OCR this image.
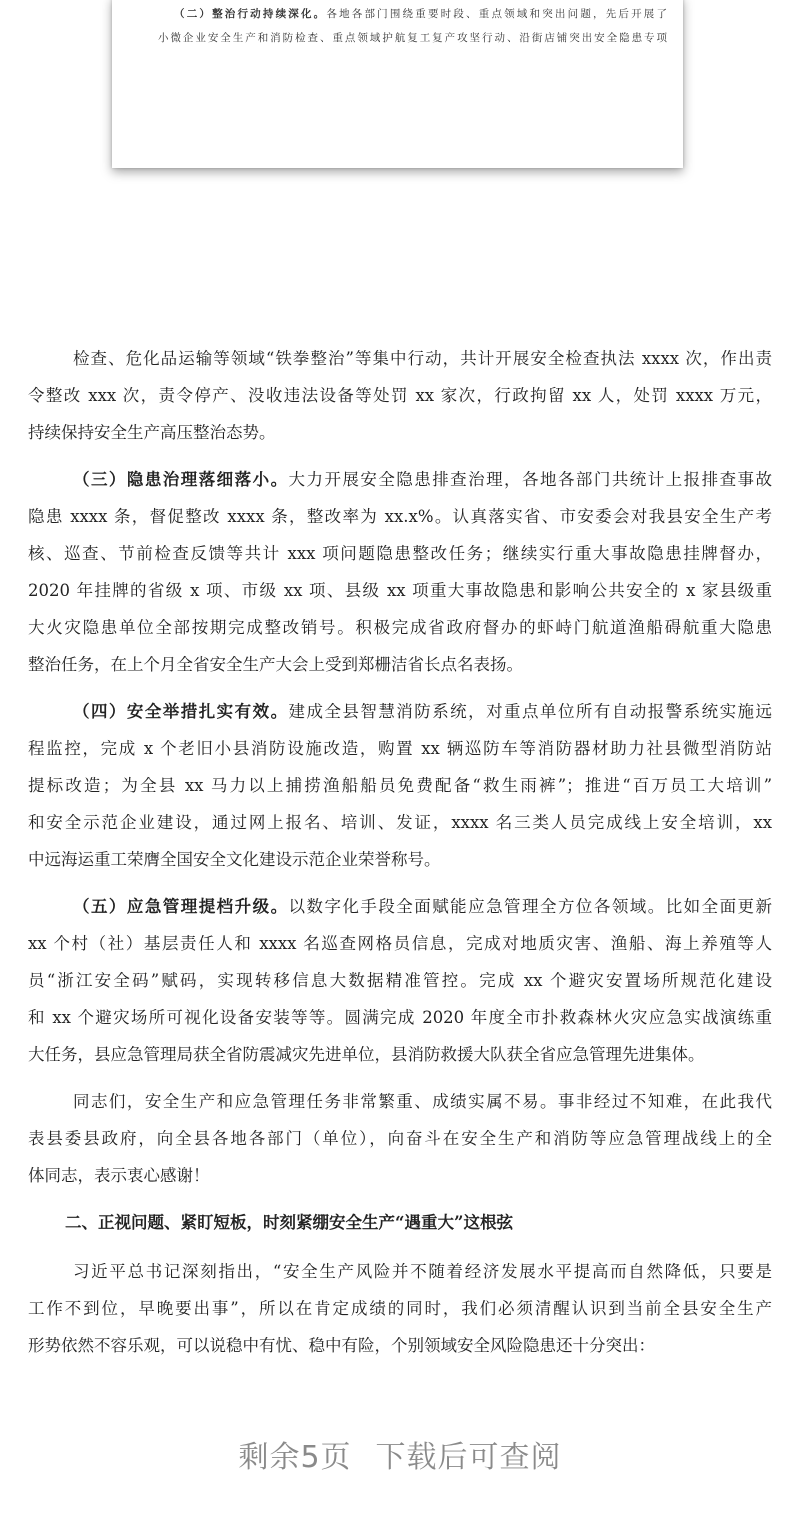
（二）整治行动持续深化。各地各部门围绕重要时段、重点领域和突出问题，先后开展了
小微企业安全生产和消防检查、重点领域护航复工复产攻坚行动、沿街店铺突出安全隐患专项
检查、危化品运输等领域“铁拳整治”等集中行动，共计开展安全检查执法 xxxx 次，作出责
令整改 xxx 次，责令停产、没收违法设备等处罚 xx 家次，行政拘留 xx 人，处罚 xxxx 万元，
持续保持安全生产高压整治态势。
（三）隐患治理落细落小。大力开展安全隐患排查治理，各地各部门共统计上报排查事故
隐患 xxxx 条，督促整改 xxxx 条，整改率为 xx.x%。认真落实省、市安委会对我县安全生产考
核、巡查、节前检查反馈等共计 xxx 项问题隐患整改任务；继续实行重大事故隐患挂牌督办，
2020 年挂牌的省级 x 项、市级 xx 项、县级 xx 项重大事故隐患和影响公共安全的 x 家县级重
大火灾隐患单位全部按期完成整改销号。积极完成省政府督办的虾峙门航道渔船碍航重大隐患
整治任务，在上个月全省安全生产大会上受到郑栅洁省长点名表扬。
（四）安全举措扎实有效。建成全县智慧消防系统，对重点单位所有自动报警系统实施远
程监控，完成 x 个老旧小县消防设施改造，购置 xx 辆巡防车等消防器材助力社县微型消防站
提标改造；为全县 xx 马力以上捕捞渔船船员免费配备“救生雨裤”；推进“百万员工大培训”
和安全示范企业建设，通过网上报名、培训、发证，xxxx 名三类人员完成线上安全培训，xx
中远海运重工荣膺全国安全文化建设示范企业荣誉称号。
（五）应急管理提档升级。以数字化手段全面赋能应急管理全方位各领域。比如全面更新
xx 个村（社）基层责任人和 xxxx 名巡查网格员信息，完成对地质灾害、渔船、海上养殖等人
员“浙江安全码”赋码，实现转移信息大数据精准管控。完成 xx 个避灾安置场所规范化建设
和 xx 个避灾场所可视化设备安装等等。圆满完成 2020 年度全市扑救森林火灾应急实战演练重
大任务，县应急管理局获全省防震减灾先进单位，县消防救援大队获全省应急管理先进集体。
同志们，安全生产和应急管理任务非常繁重、成绩实属不易。事非经过不知难，在此我代
表县委县政府，向全县各地各部门（单位），向奋斗在安全生产和消防等应急管理战线上的全
体同志，表示衷心感谢！
二、正视问题、紧盯短板，时刻紧绷安全生产“遇重大”这根弦
习近平总书记深刻指出，“安全生产风险并不随着经济发展水平提高而自然降低，只要是
工作不到位，早晚要出事”，所以在肯定成绩的同时，我们必须清醒认识到当前全县安全生产
形势依然不容乐观，可以说稳中有忧、稳中有险，个别领域安全风险隐患还十分突出：
剩余5页 下载后可查阅
